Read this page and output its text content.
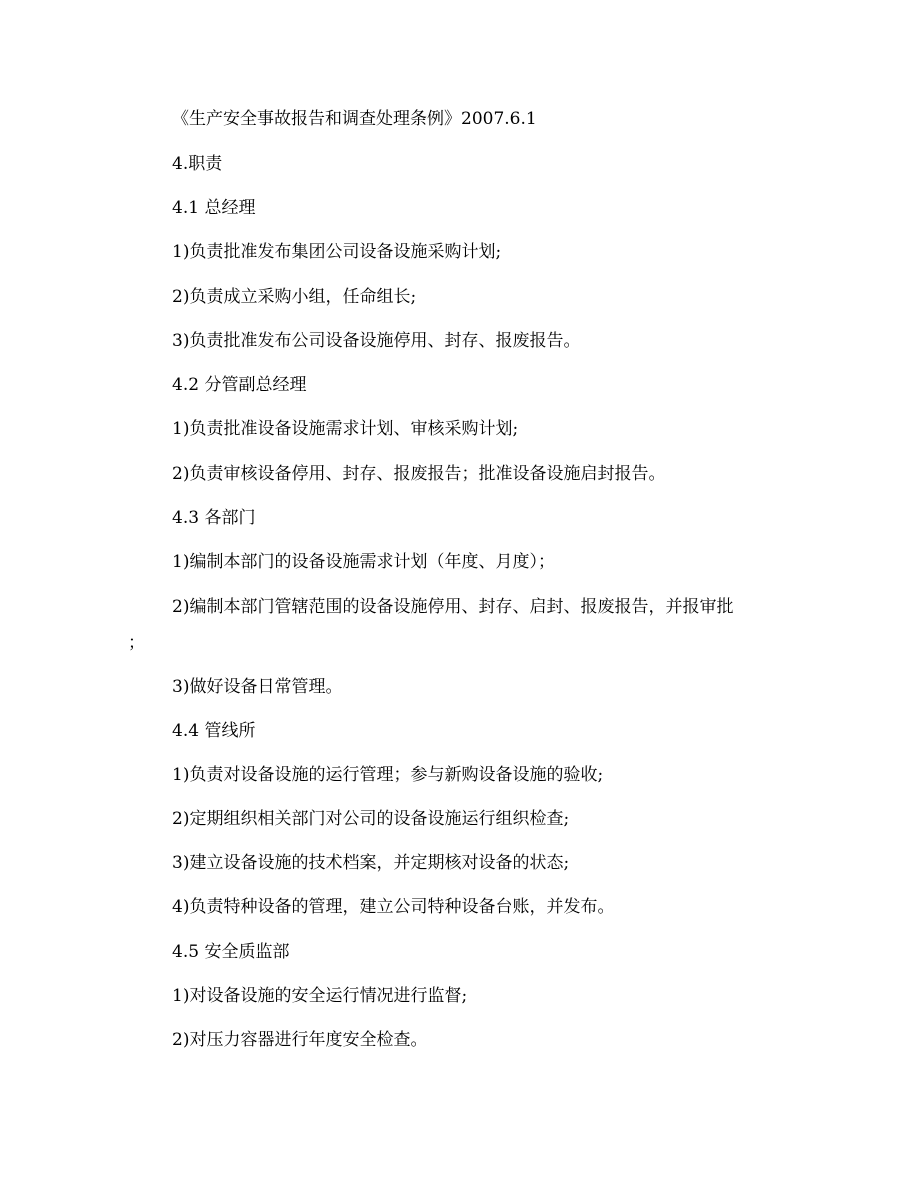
《生产安全事故报告和调查处理条例》2007.6.1
4.职责
4.1 总经理
1)负责批准发布集团公司设备设施采购计划;
2)负责成立采购小组，任命组长;
3)负责批准发布公司设备设施停用、封存、报废报告。
4.2 分管副总经理
1)负责批准设备设施需求计划、审核采购计划;
2)负责审核设备停用、封存、报废报告；批准设备设施启封报告。
4.3 各部门
1)编制本部门的设备设施需求计划（年度、月度）；
2)编制本部门管辖范围的设备设施停用、封存、启封、报废报告，并报审批
；
3)做好设备日常管理。
4.4 管线所
1)负责对设备设施的运行管理；参与新购设备设施的验收;
2)定期组织相关部门对公司的设备设施运行组织检查;
3)建立设备设施的技术档案，并定期核对设备的状态;
4)负责特种设备的管理，建立公司特种设备台账，并发布。
4.5 安全质监部
1)对设备设施的安全运行情况进行监督;
2)对压力容器进行年度安全检查。
